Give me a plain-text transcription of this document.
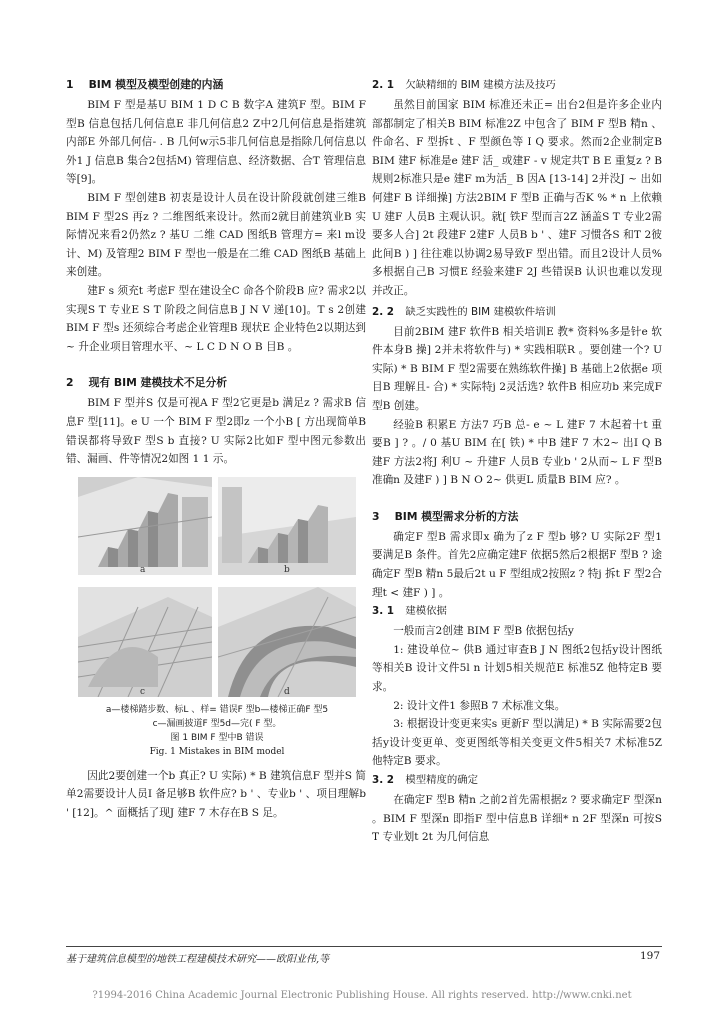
1 BIM 模型及模型创建的内涵

BIM F 型是基U BIM 1 D C B 数字A 建筑F 型。BIM F 型B 信息包括几何信息E 非几何信息2 Z中2几何信息是指建筑内部E 外部几何信- . B 几何w示5非几何信息是指除几何信息以外1 J 信息B 集合2包括M) 管理信息、经济数据、合T 管理信息等[9]。

BIM F 型创建B 初衷是设计人员在设计阶段就创建三维B BIM F 型2S 再z ? 二维图纸来设计。然而2就目前建筑业B 实际情况来看2仍然z ? 基U 二维 CAD 图纸B 管理方= 来l m设计、M) 及管理2 BIM F 型也一般是在二维 CAD 图纸B 基础上来创建。

建F s 须充t 考虑F 型在建设全C 命各个阶段B 应? 需求2以实现S T 专业E S T 阶段之间信息B J N V 递[10]。T s 2创建 BIM F 型s 还须综合考虑企业管理B 现状E 企业特色2以期达到~ 升企业项目管理水平、~ L C D N O B 目B 。

2 现有 BIM 建模技术不足分析

BIM F 型并S 仅是可视A F 型2它更是b 满足z ? 需求B 信息F 型[11]。e U 一个 BIM F 型2即z 一个小B [ 方出现简单B 错误都将导致F 型S b 直接? U 实际2比如F 型中图元参数出错、漏画、件等情况2如图 1 1 示。

a	b
c	d

a—楼梯踏步数、标L 、样= 错误F 型b—楼梯正确F 型5

c—漏画披道F 型5d—完( F 型。

图 1 BIM F 型中B 错误

Fig. 1 Mistakes in BIM model

因此2要创建一个b 真正? U 实际) * B 建筑信息F 型并S 简单2需要设计人员I 备足够B 软件应? b ' 、专业b ' 、项目理解b ' [12]。^ 面概括了现J 建F 7 木存在B S 足。

2. 1 欠缺精细的 BIM 建模方法及技巧

虽然目前国家 BIM 标准还未正= 出台2但是许多企业内部都制定了相关B BIM 标准2Z 中包含了 BIM F 型B 精n 、件命名、F 型拆t 、F 型颜色等 I Q 要求。然而2企业制定B BIM 建F 标准是e 建F 活_ 或建F - v 规定共T B E 重复z ? B 规则2标准只是e 建F m为活_ B 因A [13-14] 2并没J ~ 出如何建F B 详细操] 方法2BIM F 型B 正确与否K % * n 上依赖U 建F 人员B 主观认识。就[ 铁F 型而言2Z 涵盖S T 专业2需要多人合] 2t 段建F 2建F 人员B b ' 、建F 习惯各S 和T 2彼此间B ) ] 往往难以协调2易导致F 型出错。而且2设计人员% 多根据自己B 习惯E 经验来建F 2J 些错误B 认识也难以发现并改正。

2. 2 缺乏实践性的 BIM 建模软件培训

目前2BIM 建F 软件B 相关培训E 教* 资料%多是针e 软件本身B 操] 2并未将软件与) * 实践相联R 。要创建一个? U 实际) * B BIM F 型2需要在熟练软件操] B 基础上2依据e 项目B 理解且- 合) * 实际特j 2灵活选? 软件B 相应功b 来完成F 型B 创建。

经验B 积累E 方法7 巧B 总- e ~ L 建F 7 木起着十t 重要B ] ? 。/ 0 基U BIM 在[ 铁) * 中B 建F 7 木2~ 出I Q B 建F 方法2将J 利U ~ 升建F 人员B 专业b ' 2从而~ L F 型B 准确n 及建F ) ] B N O 2~ 供更L 质量B BIM 应? 。

3 BIM 模型需求分析的方法

确定F 型B 需求即x 确为了z F 型b 够? U 实际2F 型1 要满足B 条件。首先2应确定建F 依据5然后2根据F 型B ? 途确定F 型B 精n 5最后2t u F 型组成2按照z ? 特j 拆t F 型2合理t < 建F ) ] 。

3. 1 建模依据

一般而言2创建 BIM F 型B 依据包括y

1: 建设单位~ 供B 通过审查B J N 图纸2包括y设计图纸等相关B 设计文件5l n 计划5相关规范E 标准5Z 他特定B 要求。

2: 设计文件1 参照B 7 术标准文集。

3: 根据设计变更来实s 更新F 型以满足) * B 实际需要2包括y设计变更单、变更图纸等相关变更文件5相关7 术标准5Z 他特定B 要求。

3. 2 模型精度的确定

在确定F 型B 精n 之前2首先需根据z ? 要求确定F 型深n 。BIM F 型深n 即指F 型中信息B 详细* n 2F 型深n 可按S T 专业划t 2t 为几何信息

基于建筑信息模型的地铁工程建模技术研究——欧阳业伟,等	197
?1994-2016 China Academic Journal Electronic Publishing House. All rights reserved. http://www.cnki.net
